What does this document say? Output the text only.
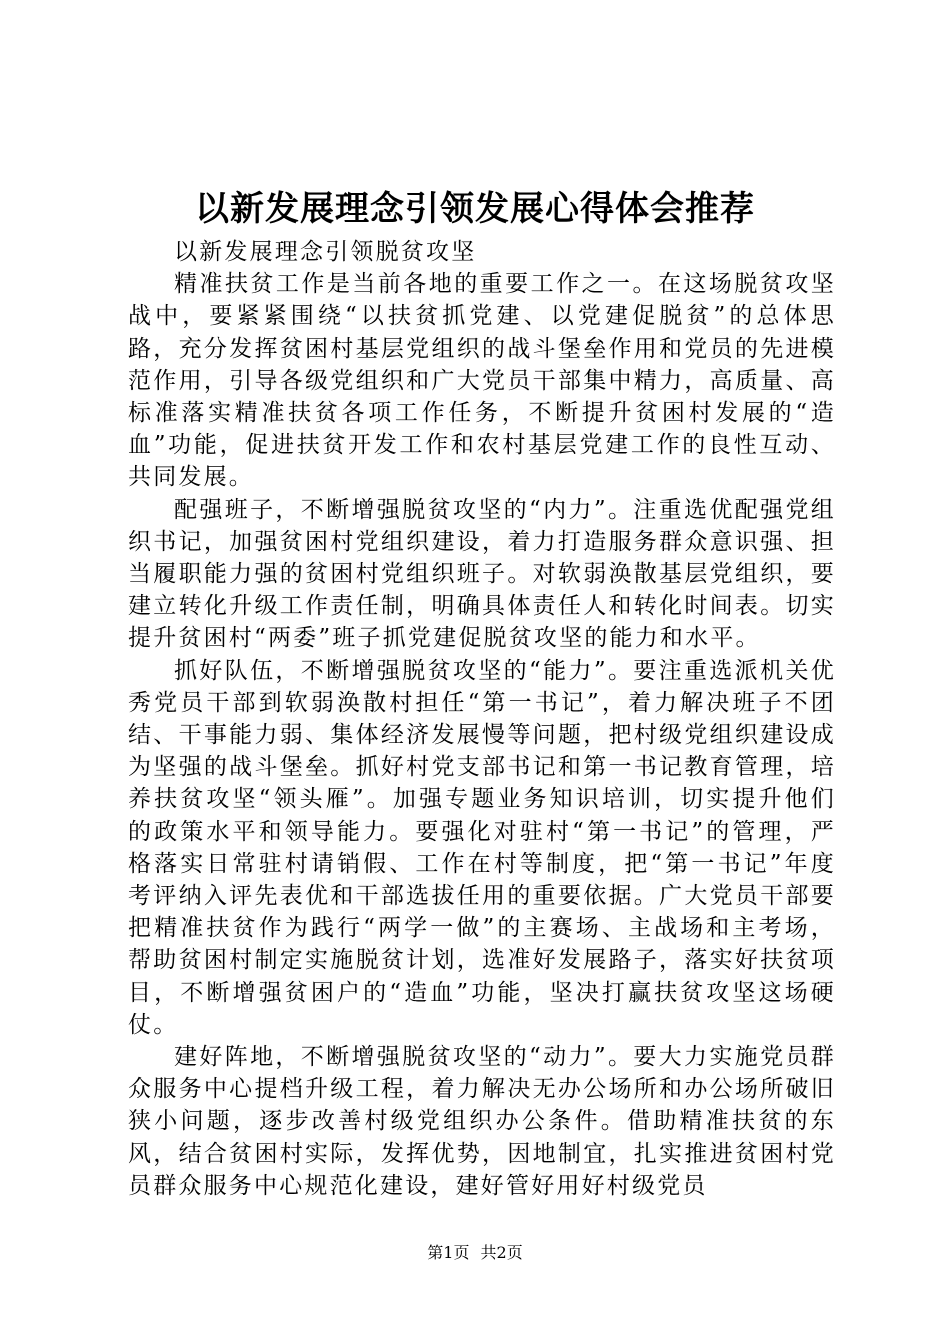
以新发展理念引领发展心得体会推荐

以新发展理念引领脱贫攻坚

精准扶贫工作是当前各地的重要工作之一。在这场脱贫攻坚战中，要紧紧围绕“以扶贫抓党建、以党建促脱贫”的总体思路，充分发挥贫困村基层党组织的战斗堡垒作用和党员的先进模范作用，引导各级党组织和广大党员干部集中精力，高质量、高标准落实精准扶贫各项工作任务，不断提升贫困村发展的“造血”功能，促进扶贫开发工作和农村基层党建工作的良性互动、共同发展。

配强班子，不断增强脱贫攻坚的“内力”。注重选优配强党组织书记，加强贫困村党组织建设，着力打造服务群众意识强、担当履职能力强的贫困村党组织班子。对软弱涣散基层党组织，要建立转化升级工作责任制，明确具体责任人和转化时间表。切实提升贫困村“两委”班子抓党建促脱贫攻坚的能力和水平。

抓好队伍，不断增强脱贫攻坚的“能力”。要注重选派机关优秀党员干部到软弱涣散村担任“第一书记”，着力解决班子不团结、干事能力弱、集体经济发展慢等问题，把村级党组织建设成为坚强的战斗堡垒。抓好村党支部书记和第一书记教育管理，培养扶贫攻坚“领头雁”。加强专题业务知识培训，切实提升他们的政策水平和领导能力。要强化对驻村“第一书记”的管理，严格落实日常驻村请销假、工作在村等制度，把“第一书记”年度考评纳入评先表优和干部选拔任用的重要依据。广大党员干部要把精准扶贫作为践行“两学一做”的主赛场、主战场和主考场，帮助贫困村制定实施脱贫计划，选准好发展路子，落实好扶贫项目，不断增强贫困户的“造血”功能，坚决打赢扶贫攻坚这场硬仗。

建好阵地，不断增强脱贫攻坚的“动力”。要大力实施党员群众服务中心提档升级工程，着力解决无办公场所和办公场所破旧狭小问题，逐步改善村级党组织办公条件。借助精准扶贫的东风，结合贫困村实际，发挥优势，因地制宜，扎实推进贫困村党员群众服务中心规范化建设，建好管好用好村级党员

第1页 共2页
